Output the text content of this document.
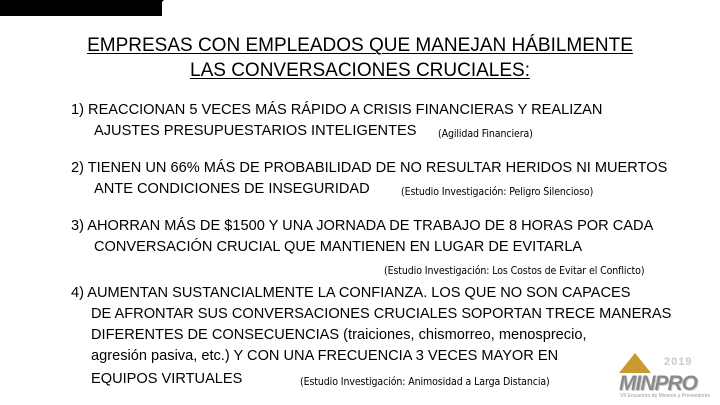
EMPRESAS CON EMPLEADOS QUE MANEJAN HÁBILMENTE
LAS CONVERSACIONES CRUCIALES:
1) REACCIONAN 5 VECES MÁS RÁPIDO A CRISIS FINANCIERAS Y REALIZAN
AJUSTES PRESUPUESTARIOS INTELIGENTES (Agilidad Financiera)
2) TIENEN UN 66% MÁS DE PROBABILIDAD DE NO RESULTAR HERIDOS NI MUERTOS
ANTE CONDICIONES DE INSEGURIDAD	(Estudio Investigación: Peligro Silencioso)
3) AHORRAN MÁS DE $1500 Y UNA JORNADA DE TRABAJO DE 8 HORAS POR CADA
CONVERSACIÓN CRUCIAL QUE MANTIENEN EN LUGAR DE EVITARLA
(Estudio Investigación: Los Costos de Evitar el Conflicto)
4) AUMENTAN SUSTANCIALMENTE LA CONFIANZA. LOS QUE NO SON CAPACES
DE AFRONTAR SUS CONVERSACIONES CRUCIALES SOPORTAN TRECE MANERAS
DIFERENTES DE CONSECUENCIAS (traiciones, chismorreo, menosprecio,
agresión pasiva, etc.) Y CON UNA FRECUENCIA 3 VECES MAYOR EN
EQUIPOS VIRTUALES	(Estudio Investigación: Animosidad a Larga Distancia)
2019
MINPRO
VII Encuentro de Mineros y Proveedores
